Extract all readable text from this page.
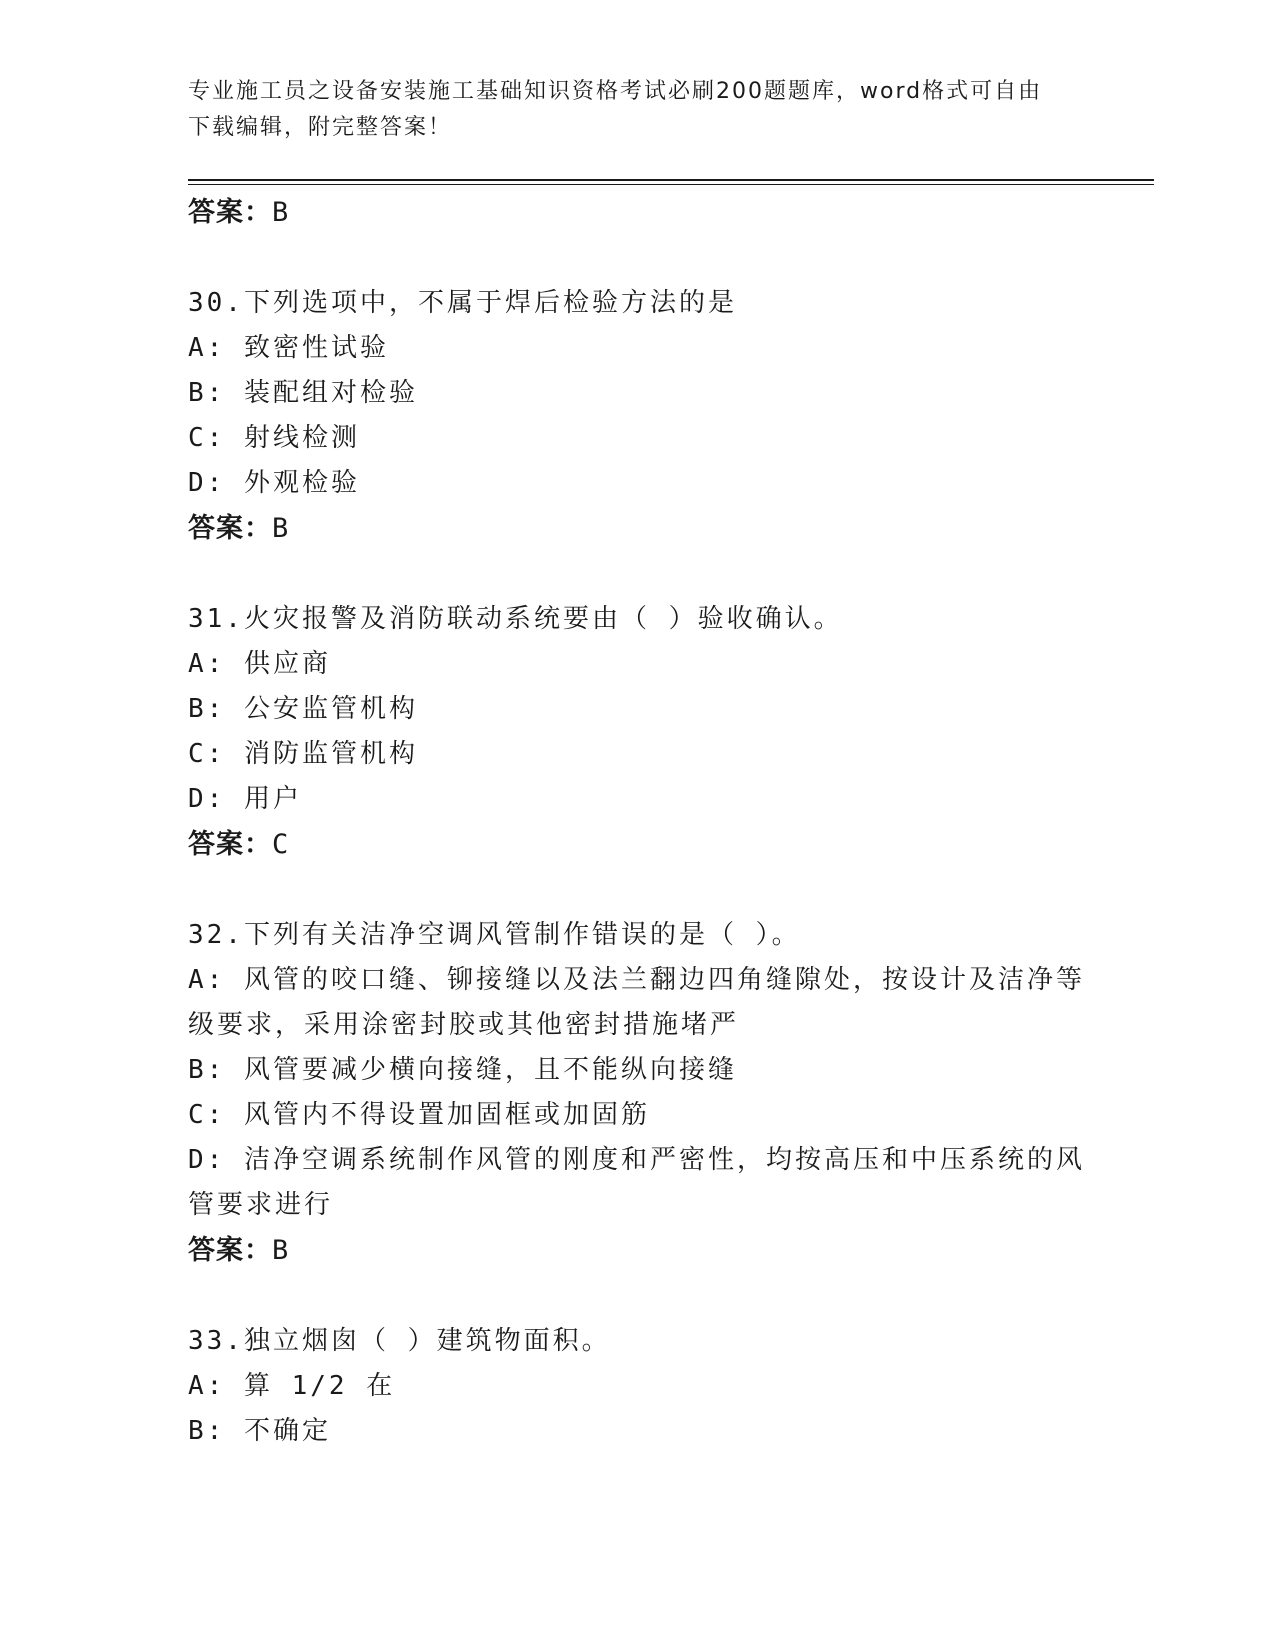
专业施工员之设备安装施工基础知识资格考试必刷200题题库，word格式可自由
下载编辑，附完整答案！
答案：B
30.下列选项中，不属于焊后检验方法的是
A: 致密性试验
B: 装配组对检验
C: 射线检测
D: 外观检验
答案：B
31.火灾报警及消防联动系统要由（ ）验收确认。
A: 供应商
B: 公安监管机构
C: 消防监管机构
D: 用户
答案：C
32.下列有关洁净空调风管制作错误的是（ ）。
A: 风管的咬口缝、铆接缝以及法兰翻边四角缝隙处，按设计及洁净等
级要求，采用涂密封胶或其他密封措施堵严
B: 风管要减少横向接缝，且不能纵向接缝
C: 风管内不得设置加固框或加固筋
D: 洁净空调系统制作风管的刚度和严密性，均按高压和中压系统的风
管要求进行
答案：B
33.独立烟囱（ ）建筑物面积。
A: 算 1/2 在
B: 不确定
